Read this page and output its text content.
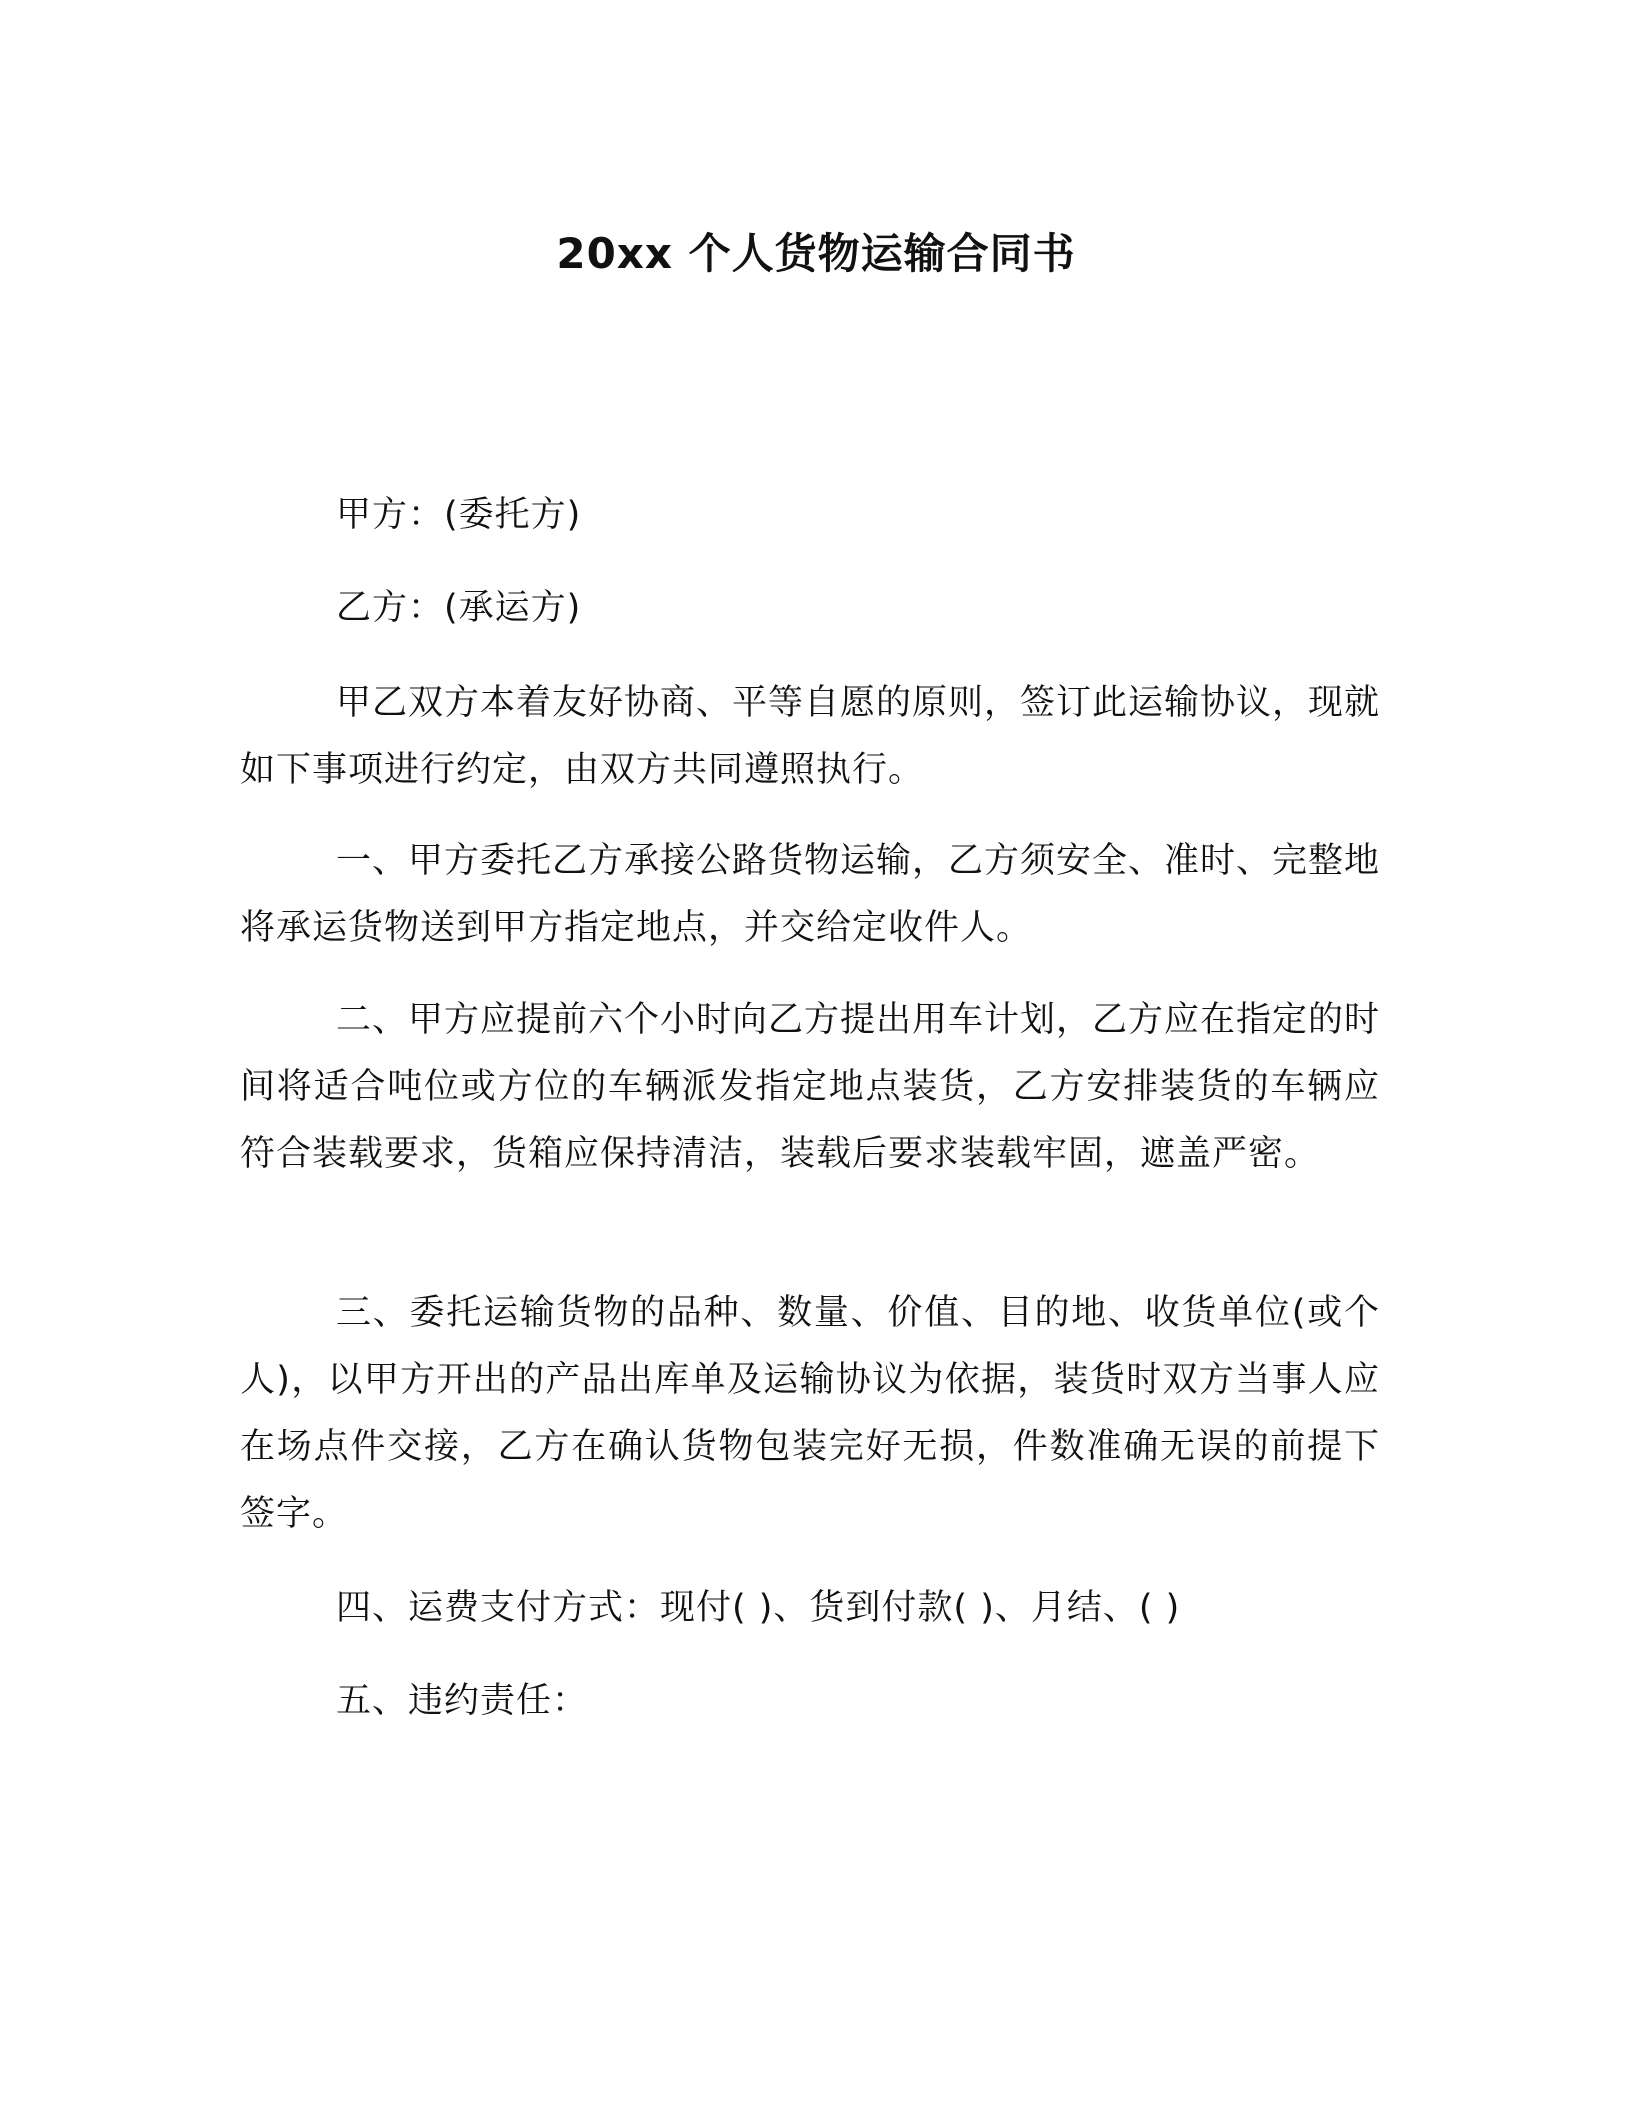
20xx 个人货物运输合同书

甲方：(委托方)

乙方：(承运方)

甲乙双方本着友好协商、平等自愿的原则，签订此运输协议，现就如下事项进行约定，由双方共同遵照执行。

一、甲方委托乙方承接公路货物运输，乙方须安全、准时、完整地将承运货物送到甲方指定地点，并交给定收件人。

二、甲方应提前六个小时向乙方提出用车计划，乙方应在指定的时间将适合吨位或方位的车辆派发指定地点装货，乙方安排装货的车辆应符合装载要求，货箱应保持清洁，装载后要求装载牢固，遮盖严密。

三、委托运输货物的品种、数量、价值、目的地、收货单位(或个人)，以甲方开出的产品出库单及运输协议为依据，装货时双方当事人应在场点件交接，乙方在确认货物包装完好无损，件数准确无误的前提下签字。

四、运费支付方式：现付( )、货到付款( )、月结、( )

五、违约责任：
